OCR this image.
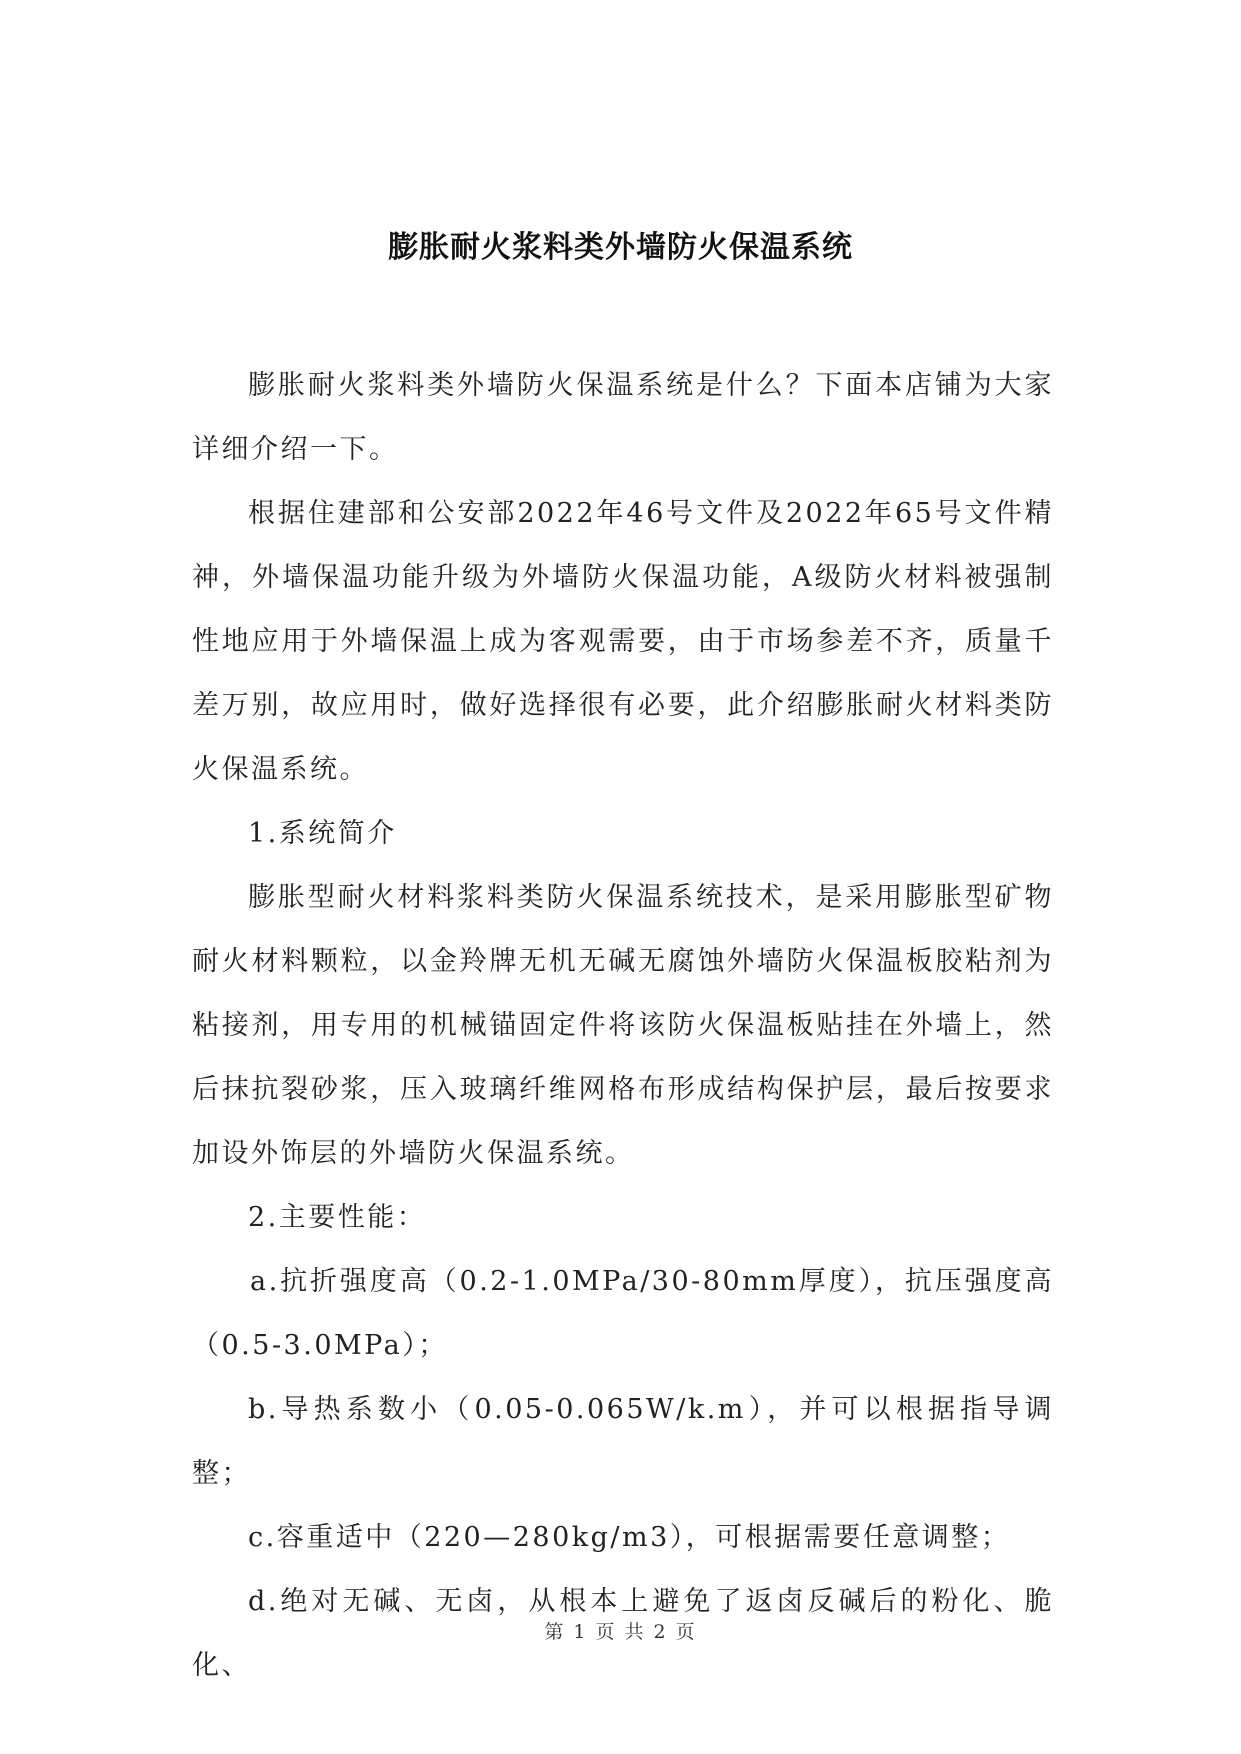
膨胀耐火浆料类外墙防火保温系统

膨胀耐火浆料类外墙防火保温系统是什么？下面本店铺为大家详细介绍一下。

根据住建部和公安部2022年46号文件及2022年65号文件精神，外墙保温功能升级为外墙防火保温功能，A级防火材料被强制性地应用于外墙保温上成为客观需要，由于市场参差不齐，质量千差万别，故应用时，做好选择很有必要，此介绍膨胀耐火材料类防火保温系统。

1.系统简介

膨胀型耐火材料浆料类防火保温系统技术，是采用膨胀型矿物耐火材料颗粒，以金羚牌无机无碱无腐蚀外墙防火保温板胶粘剂为粘接剂，用专用的机械锚固定件将该防火保温板贴挂在外墙上，然后抹抗裂砂浆，压入玻璃纤维网格布形成结构保护层，最后按要求加设外饰层的外墙防火保温系统。

2.主要性能：

a.抗折强度高（0.2-1.0MPa/30-80mm厚度），抗压强度高（0.5-3.0MPa）；

b.导热系数小（0.05-0.065W/k.m），并可以根据指导调整；

c.容重适中（220—280kg/m3），可根据需要任意调整；

d.绝对无碱、无卤，从根本上避免了返卤反碱后的粉化、脆化、

第 1 页 共 2 页
